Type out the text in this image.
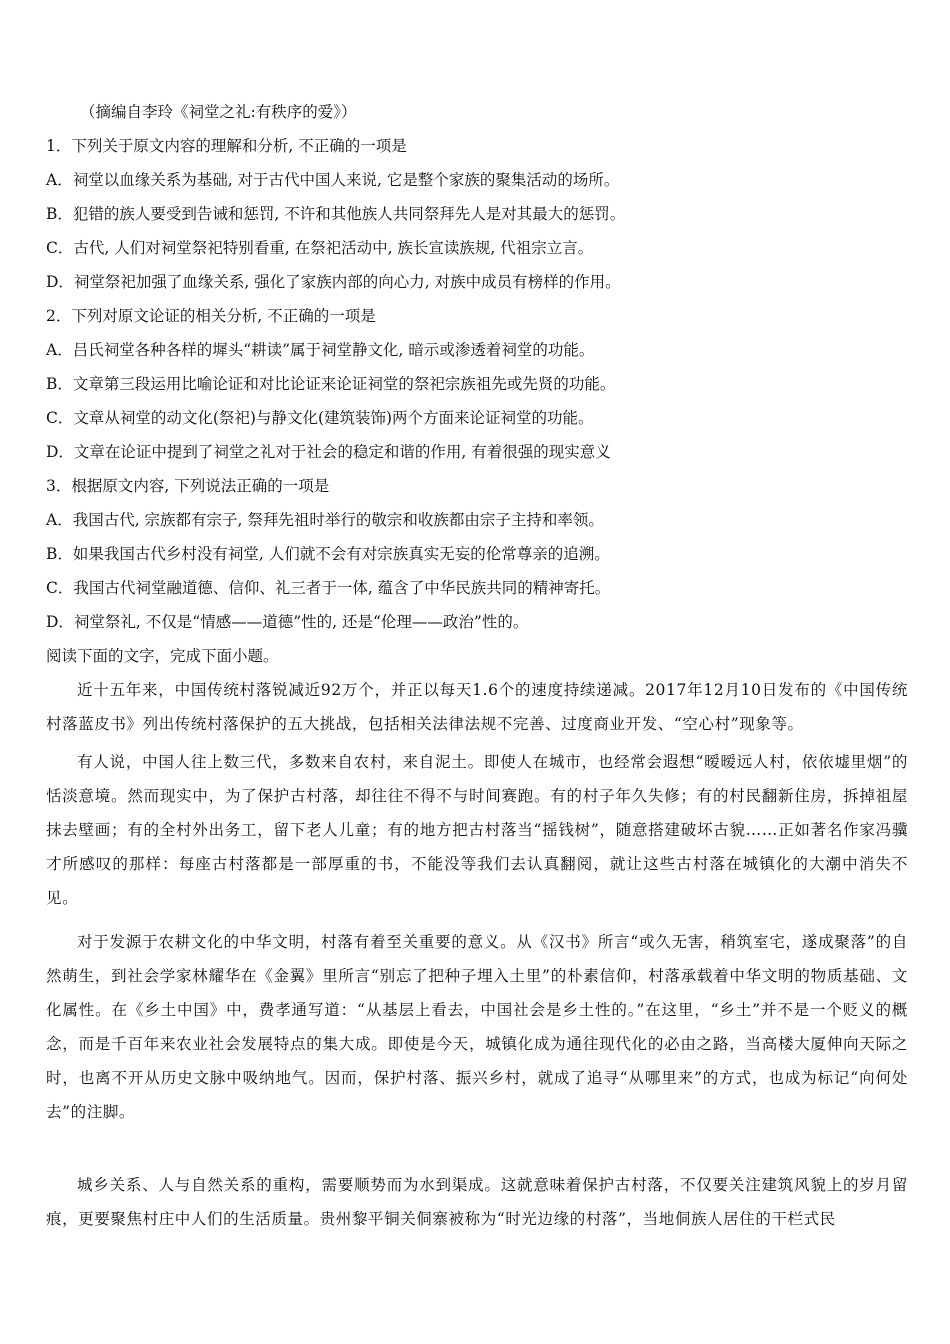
（摘编自李玲《祠堂之礼:有秩序的爱》）
1．下列关于原文内容的理解和分析, 不正确的一项是
A．祠堂以血缘关系为基础, 对于古代中国人来说, 它是整个家族的聚集活动的场所。
B．犯错的族人要受到告诫和惩罚, 不许和其他族人共同祭拜先人是对其最大的惩罚。
C．古代, 人们对祠堂祭祀特别看重, 在祭祀活动中, 族长宣读族规, 代祖宗立言。
D．祠堂祭祀加强了血缘关系, 强化了家族内部的向心力, 对族中成员有榜样的作用。
2．下列对原文论证的相关分析, 不正确的一项是
A．吕氏祠堂各种各样的墀头“耕读”属于祠堂静文化, 暗示或渗透着祠堂的功能。
B．文章第三段运用比喻论证和对比论证来论证祠堂的祭祀宗族祖先或先贤的功能。
C．文章从祠堂的动文化(祭祀)与静文化(建筑装饰)两个方面来论证祠堂的功能。
D．文章在论证中提到了祠堂之礼对于社会的稳定和谐的作用, 有着很强的现实意义
3．根据原文内容, 下列说法正确的一项是
A．我国古代, 宗族都有宗子, 祭拜先祖时举行的敬宗和收族都由宗子主持和率领。
B．如果我国古代乡村没有祠堂, 人们就不会有对宗族真实无妄的伦常尊亲的追溯。
C．我国古代祠堂融道德、信仰、礼三者于一体, 蕴含了中华民族共同的精神寄托。
D．祠堂祭礼, 不仅是“情感——道德”性的, 还是“伦理——政治”性的。
阅读下面的文字，完成下面小题。
近十五年来，中国传统村落锐减近92万个，并正以每天1.6个的速度持续递减。2017年12月10日发布的《中国传统村落蓝皮书》列出传统村落保护的五大挑战，包括相关法律法规不完善、过度商业开发、“空心村”现象等。
有人说，中国人往上数三代，多数来自农村，来自泥土。即使人在城市，也经常会遐想“暧暧远人村，依依墟里烟”的恬淡意境。然而现实中，为了保护古村落，却往往不得不与时间赛跑。有的村子年久失修；有的村民翻新住房，拆掉祖屋抹去壁画；有的全村外出务工，留下老人儿童；有的地方把古村落当“摇钱树”，随意搭建破坏古貌……正如著名作家冯骥才所感叹的那样：每座古村落都是一部厚重的书，不能没等我们去认真翻阅，就让这些古村落在城镇化的大潮中消失不见。
对于发源于农耕文化的中华文明，村落有着至关重要的意义。从《汉书》所言“或久无害，稍筑室宅，遂成聚落”的自然萌生，到社会学家林耀华在《金翼》里所言“别忘了把种子埋入土里”的朴素信仰，村落承载着中华文明的物质基础、文化属性。在《乡土中国》中，费孝通写道：“从基层上看去，中国社会是乡土性的。”在这里，“乡土”并不是一个贬义的概念，而是千百年来农业社会发展特点的集大成。即使是今天，城镇化成为通往现代化的必由之路，当高楼大厦伸向天际之时，也离不开从历史文脉中吸纳地气。因而，保护村落、振兴乡村，就成了追寻“从哪里来”的方式，也成为标记“向何处去”的注脚。
城乡关系、人与自然关系的重构，需要顺势而为水到渠成。这就意味着保护古村落，不仅要关注建筑风貌上的岁月留痕，更要聚焦村庄中人们的生活质量。贵州黎平铜关侗寨被称为“时光边缘的村落”，当地侗族人居住的干栏式民
